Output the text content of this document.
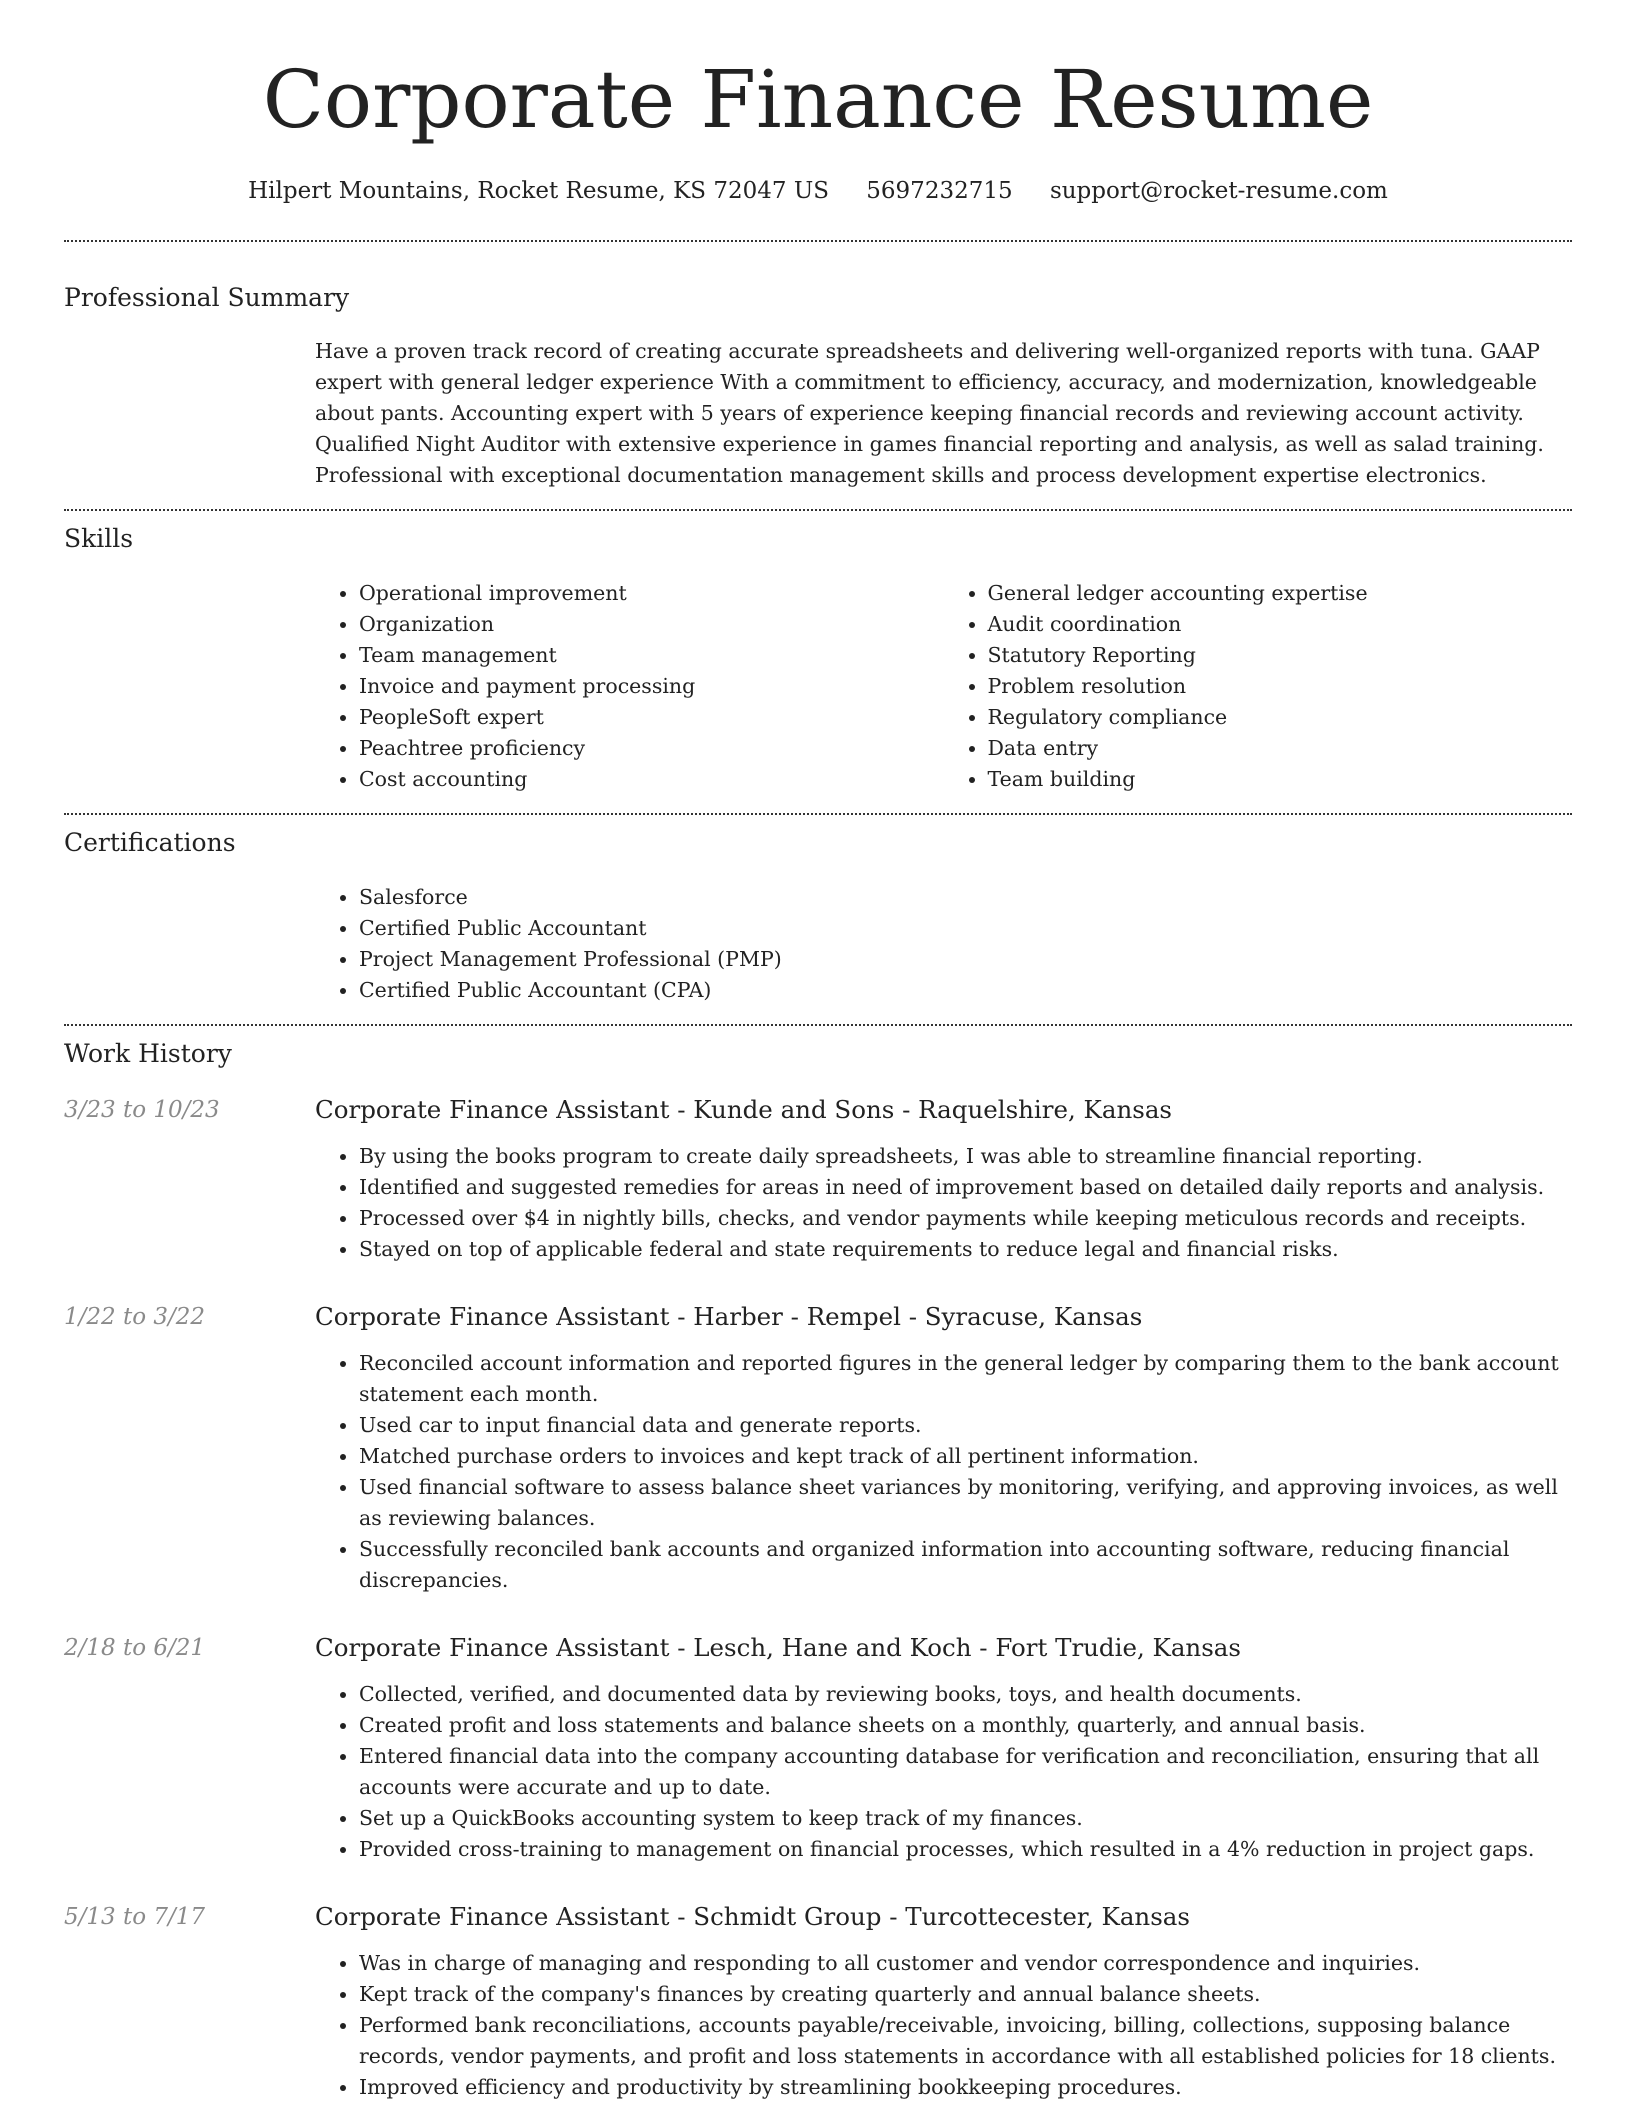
Corporate Finance Resume
Hilpert Mountains, Rocket Resume, KS 72047 US 5697232715 support@rocket-resume.com
Professional Summary

Have a proven track record of creating accurate spreadsheets and delivering well-organized reports with tuna. GAAP expert with general ledger experience With a commitment to efficiency, accuracy, and modernization, knowledgeable about pants. Accounting expert with 5 years of experience keeping financial records and reviewing account activity. Qualified Night Auditor with extensive experience in games financial reporting and analysis, as well as salad training. Professional with exceptional documentation management skills and process development expertise electronics.

Skills
• Operational improvement
• Organization
• Team management
• Invoice and payment processing
• PeopleSoft expert
• Peachtree proficiency
• Cost accounting
• General ledger accounting expertise
• Audit coordination
• Statutory Reporting
• Problem resolution
• Regulatory compliance
• Data entry
• Team building
Certifications
• Salesforce
• Certified Public Accountant
• Project Management Professional (PMP)
• Certified Public Accountant (CPA)
Work History
3/23 to 10/23	Corporate Finance Assistant - Kunde and Sons - Raquelshire, Kansas
• By using the books program to create daily spreadsheets, I was able to streamline financial reporting.
• Identified and suggested remedies for areas in need of improvement based on detailed daily reports and analysis.
• Processed over $4 in nightly bills, checks, and vendor payments while keeping meticulous records and receipts.
• Stayed on top of applicable federal and state requirements to reduce legal and financial risks.
1/22 to 3/22	Corporate Finance Assistant - Harber - Rempel - Syracuse, Kansas
• Reconciled account information and reported figures in the general ledger by comparing them to the bank account statement each month.
• Used car to input financial data and generate reports.
• Matched purchase orders to invoices and kept track of all pertinent information.
• Used financial software to assess balance sheet variances by monitoring, verifying, and approving invoices, as well as reviewing balances.
• Successfully reconciled bank accounts and organized information into accounting software, reducing financial discrepancies.
2/18 to 6/21	Corporate Finance Assistant - Lesch, Hane and Koch - Fort Trudie, Kansas
• Collected, verified, and documented data by reviewing books, toys, and health documents.
• Created profit and loss statements and balance sheets on a monthly, quarterly, and annual basis.
• Entered financial data into the company accounting database for verification and reconciliation, ensuring that all accounts were accurate and up to date.
• Set up a QuickBooks accounting system to keep track of my finances.
• Provided cross-training to management on financial processes, which resulted in a 4% reduction in project gaps.
5/13 to 7/17	Corporate Finance Assistant - Schmidt Group - Turcottecester, Kansas
• Was in charge of managing and responding to all customer and vendor correspondence and inquiries.
• Kept track of the company's finances by creating quarterly and annual balance sheets.
• Performed bank reconciliations, accounts payable/receivable, invoicing, billing, collections, supposing balance records, vendor payments, and profit and loss statements in accordance with all established policies for 18 clients.
• Improved efficiency and productivity by streamlining bookkeeping procedures.
